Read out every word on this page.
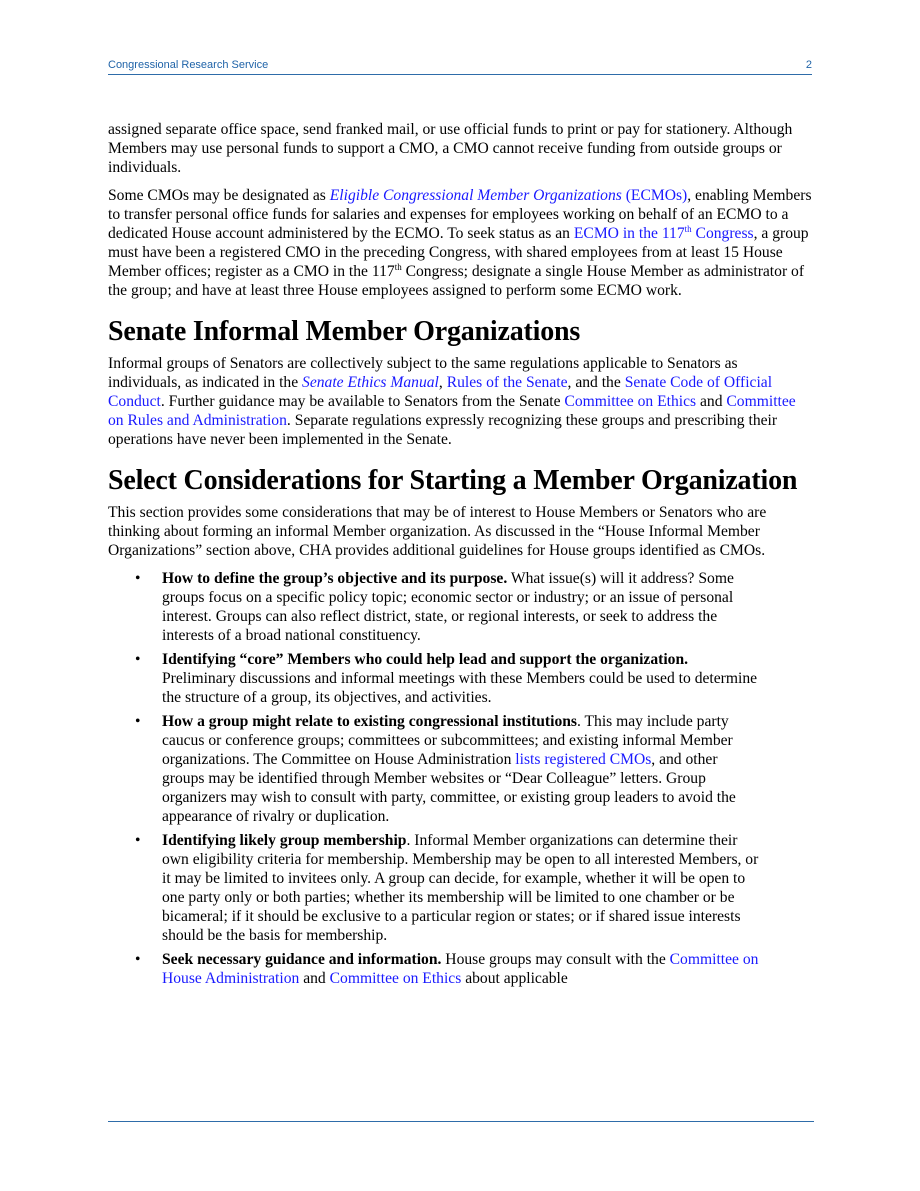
Congressional Research Service	2

assigned separate office space, send franked mail, or use official funds to print or pay for stationery. Although Members may use personal funds to support a CMO, a CMO cannot receive funding from outside groups or individuals.

Some CMOs may be designated as Eligible Congressional Member Organizations (ECMOs), enabling Members to transfer personal office funds for salaries and expenses for employees working on behalf of an ECMO to a dedicated House account administered by the ECMO. To seek status as an ECMO in the 117th Congress, a group must have been a registered CMO in the preceding Congress, with shared employees from at least 15 House Member offices; register as a CMO in the 117th Congress; designate a single House Member as administrator of the group; and have at least three House employees assigned to perform some ECMO work.

Senate Informal Member Organizations

Informal groups of Senators are collectively subject to the same regulations applicable to Senators as individuals, as indicated in the Senate Ethics Manual, Rules of the Senate, and the Senate Code of Official Conduct. Further guidance may be available to Senators from the Senate Committee on Ethics and Committee on Rules and Administration. Separate regulations expressly recognizing these groups and prescribing their operations have never been implemented in the Senate.

Select Considerations for Starting a Member Organization

This section provides some considerations that may be of interest to House Members or Senators who are thinking about forming an informal Member organization. As discussed in the “House Informal Member Organizations” section above, CHA provides additional guidelines for House groups identified as CMOs.

• How to define the group’s objective and its purpose. What issue(s) will it address? Some groups focus on a specific policy topic; economic sector or industry; or an issue of personal interest. Groups can also reflect district, state, or regional interests, or seek to address the interests of a broad national constituency.
• Identifying “core” Members who could help lead and support the organization. Preliminary discussions and informal meetings with these Members could be used to determine the structure of a group, its objectives, and activities.
• How a group might relate to existing congressional institutions. This may include party caucus or conference groups; committees or subcommittees; and existing informal Member organizations. The Committee on House Administration lists registered CMOs, and other groups may be identified through Member websites or “Dear Colleague” letters. Group organizers may wish to consult with party, committee, or existing group leaders to avoid the appearance of rivalry or duplication.
• Identifying likely group membership. Informal Member organizations can determine their own eligibility criteria for membership. Membership may be open to all interested Members, or it may be limited to invitees only. A group can decide, for example, whether it will be open to one party only or both parties; whether its membership will be limited to one chamber or be bicameral; if it should be exclusive to a particular region or states; or if shared issue interests should be the basis for membership.
• Seek necessary guidance and information. House groups may consult with the Committee on House Administration and Committee on Ethics about applicable
